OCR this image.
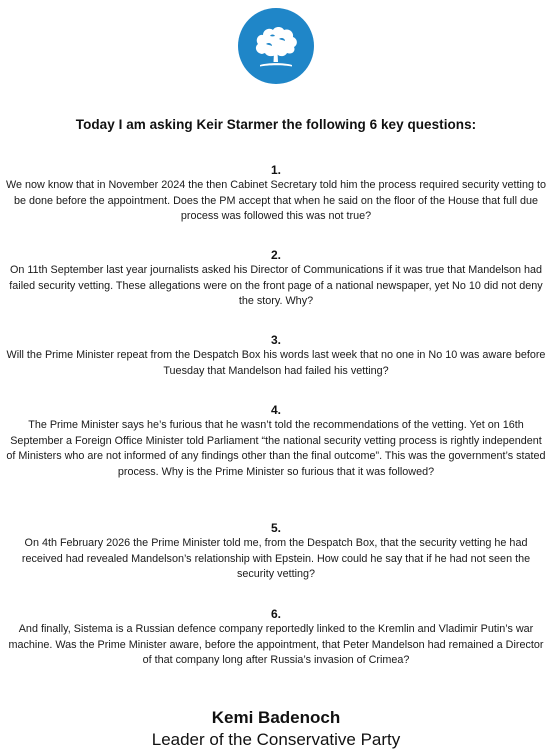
Today I am asking Keir Starmer the following 6 key questions:
1.
We now know that in November 2024 the then Cabinet Secretary told him the process required security vetting to be done before the appointment. Does the PM accept that when he said on the floor of the House that full due process was followed this was not true?
2.
On 11th September last year journalists asked his Director of Communications if it was true that Mandelson had failed security vetting. These allegations were on the front page of a national newspaper, yet No 10 did not deny the story. Why?
3.
Will the Prime Minister repeat from the Despatch Box his words last week that no one in No 10 was aware before Tuesday that Mandelson had failed his vetting?
4.
The Prime Minister says he’s furious that he wasn’t told the recommendations of the vetting. Yet on 16th September a Foreign Office Minister told Parliament “the national security vetting process is rightly independent of Ministers who are not informed of any findings other than the final outcome”. This was the government’s stated process. Why is the Prime Minister so furious that it was followed?
5.
On 4th February 2026 the Prime Minister told me, from the Despatch Box, that the security vetting he had received had revealed Mandelson’s relationship with Epstein. How could he say that if he had not seen the security vetting?
6.
And finally, Sistema is a Russian defence company reportedly linked to the Kremlin and Vladimir Putin’s war machine. Was the Prime Minister aware, before the appointment, that Peter Mandelson had remained a Director of that company long after Russia’s invasion of Crimea?
Kemi Badenoch
Leader of the Conservative Party
